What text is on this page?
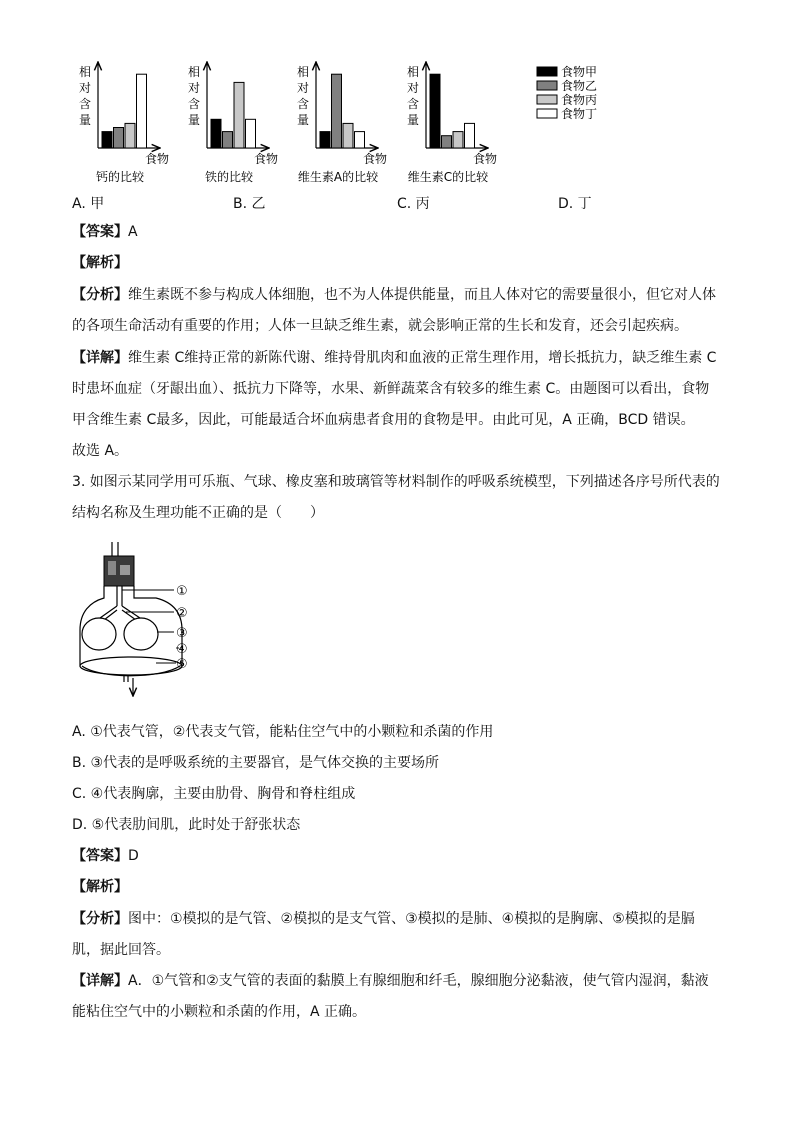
相
对
含
量
食物
钙的比较
相
对
含
量
食物
铁的比较
相
对
含
量
食物
维生素A的比较
相
对
含
量
食物
维生素C的比较
食物甲
食物乙
食物丙
食物丁
A. 甲	B. 乙	C. 丙	D. 丁
【答案】A
【解析】
【分析】维生素既不参与构成人体细胞，也不为人体提供能量，而且人体对它的需要量很小，但它对人体
的各项生命活动有重要的作用；人体一旦缺乏维生素，就会影响正常的生长和发育，还会引起疾病。
【详解】维生素 C维持正常的新陈代谢、维持骨肌肉和血液的正常生理作用，增长抵抗力，缺乏维生素 C
时患坏血症（牙龈出血）、抵抗力下降等，水果、新鲜蔬菜含有较多的维生素 C。由题图可以看出，食物
甲含维生素 C最多，因此，可能最适合坏血病患者食用的食物是甲。由此可见，A 正确，BCD 错误。
故选 A。
3. 如图示某同学用可乐瓶、气球、橡皮塞和玻璃管等材料制作的呼吸系统模型，下列描述各序号所代表的
结构名称及生理功能不正确的是（　　）
①
②
③
④
⑤
A. ①代表气管，②代表支气管，能粘住空气中的小颗粒和杀菌的作用
B. ③代表的是呼吸系统的主要器官，是气体交换的主要场所
C. ④代表胸廓，主要由肋骨、胸骨和脊柱组成
D. ⑤代表肋间肌，此时处于舒张状态
【答案】D
【解析】
【分析】图中：①模拟的是气管、②模拟的是支气管、③模拟的是肺、④模拟的是胸廓、⑤模拟的是膈
肌，据此回答。
【详解】A．①气管和②支气管的表面的黏膜上有腺细胞和纤毛，腺细胞分泌黏液，使气管内湿润，黏液
能粘住空气中的小颗粒和杀菌的作用，A 正确。
